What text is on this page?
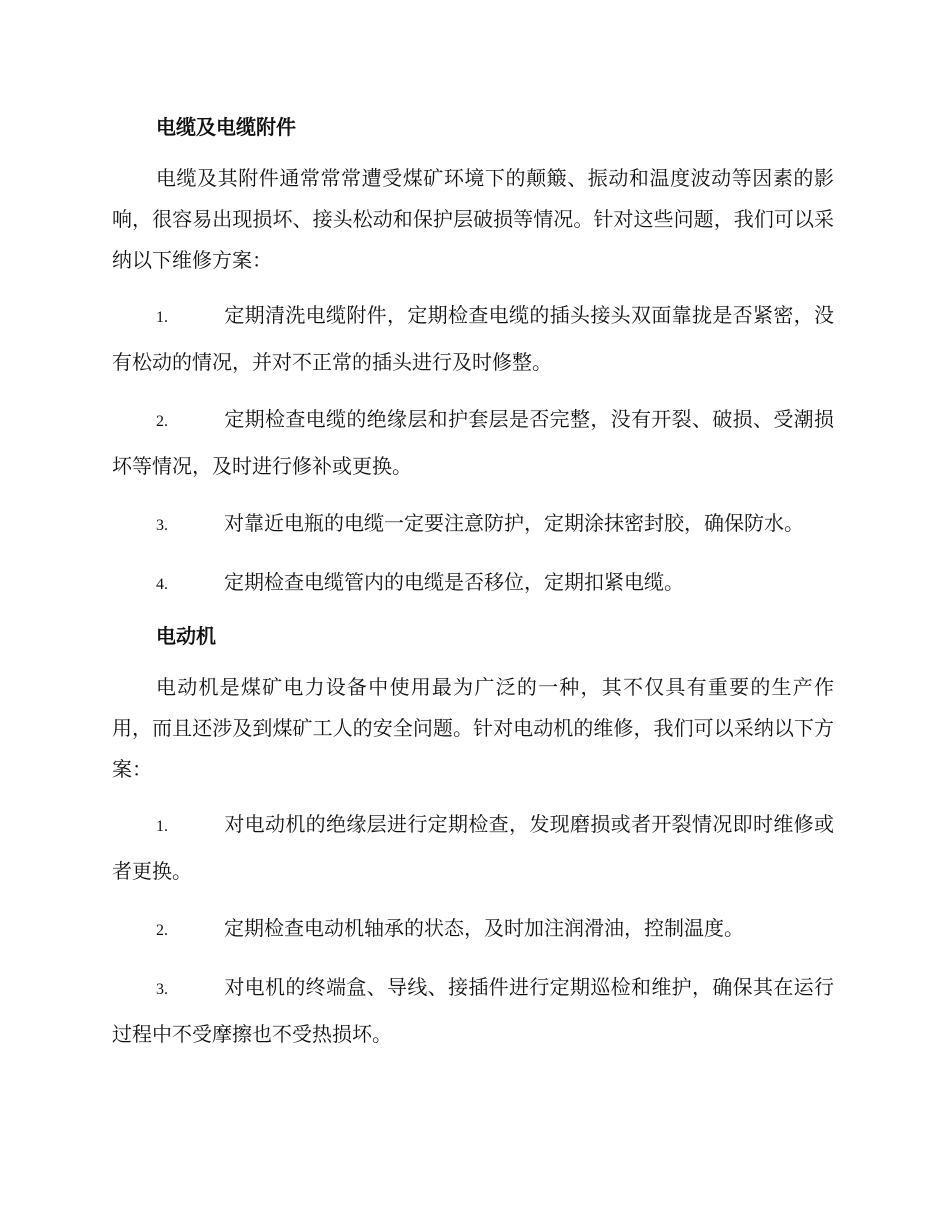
电缆及电缆附件

电缆及其附件通常常常遭受煤矿环境下的颠簸、振动和温度波动等因素的影响，很容易出现损坏、接头松动和保护层破损等情况。针对这些问题，我们可以采纳以下维修方案：

1.	定期清洗电缆附件，定期检查电缆的插头接头双面靠拢是否紧密，没有松动的情况，并对不正常的插头进行及时修整。

2.	定期检查电缆的绝缘层和护套层是否完整，没有开裂、破损、受潮损坏等情况，及时进行修补或更换。

3.	对靠近电瓶的电缆一定要注意防护，定期涂抹密封胶，确保防水。

4.	定期检查电缆管内的电缆是否移位，定期扣紧电缆。

电动机

电动机是煤矿电力设备中使用最为广泛的一种，其不仅具有重要的生产作用，而且还涉及到煤矿工人的安全问题。针对电动机的维修，我们可以采纳以下方案：

1.	对电动机的绝缘层进行定期检查，发现磨损或者开裂情况即时维修或者更换。

2.	定期检查电动机轴承的状态，及时加注润滑油，控制温度。

3.	对电机的终端盒、导线、接插件进行定期巡检和维护，确保其在运行过程中不受摩擦也不受热损坏。
